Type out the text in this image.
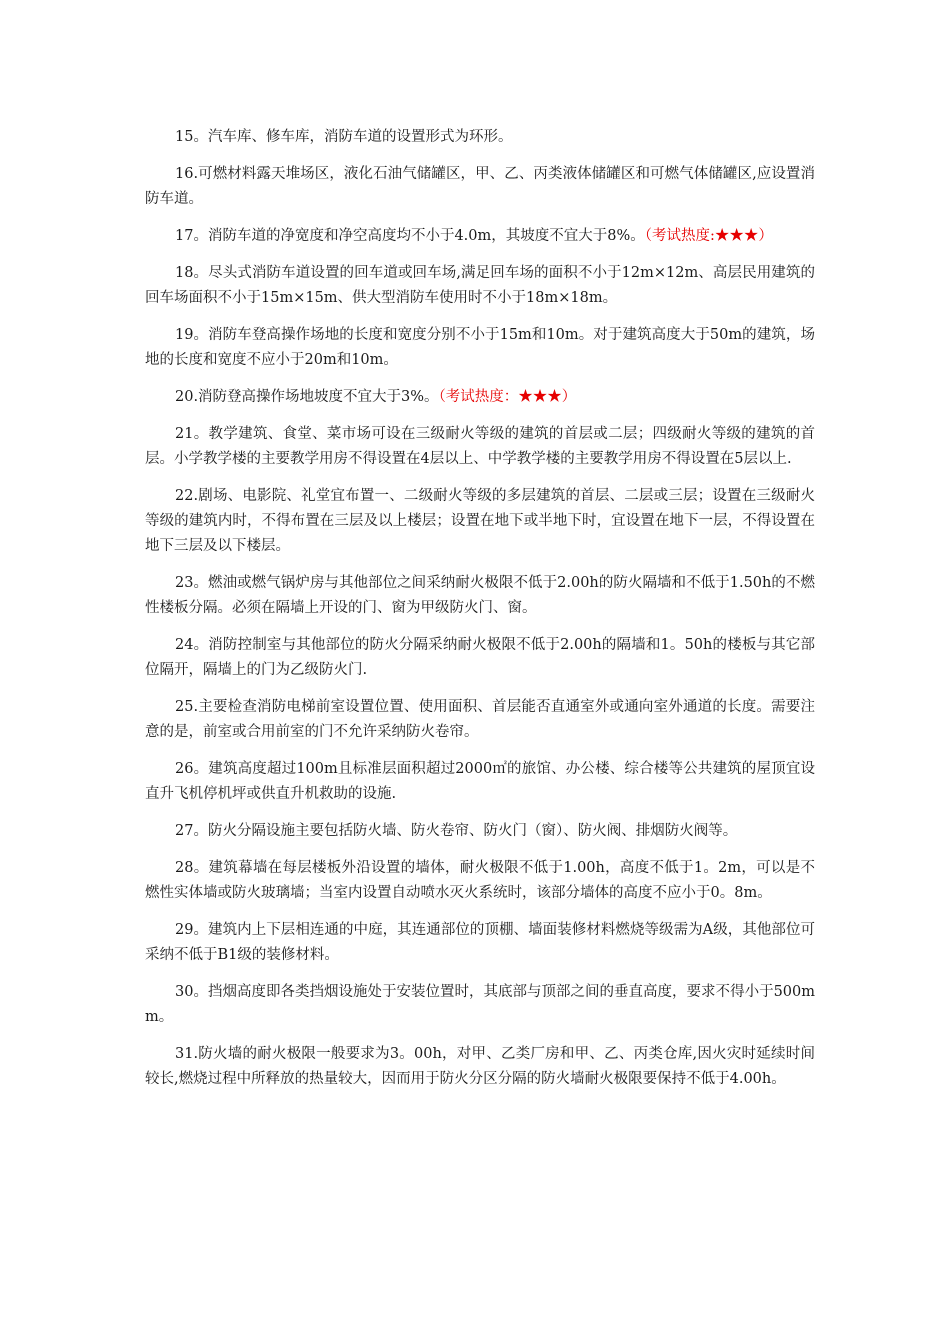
15。汽车库、修车库，消防车道的设置形式为环形。

16.可燃材料露天堆场区，液化石油气储罐区，甲、乙、丙类液体储罐区和可燃气体储罐区,应设置消防车道。

17。消防车道的净宽度和净空高度均不小于4.0m，其坡度不宜大于8%。（考试热度:★★★）

18。尽头式消防车道设置的回车道或回车场,满足回车场的面积不小于12m×12m、高层民用建筑的回车场面积不小于15m×15m、供大型消防车使用时不小于18m×18m。

19。消防车登高操作场地的长度和宽度分别不小于15m和10m。对于建筑高度大于50m的建筑，场地的长度和宽度不应小于20m和10m。

20.消防登高操作场地坡度不宜大于3%。（考试热度：★★★）

21。教学建筑、食堂、菜市场可设在三级耐火等级的建筑的首层或二层；四级耐火等级的建筑的首层。小学教学楼的主要教学用房不得设置在4层以上、中学教学楼的主要教学用房不得设置在5层以上.

22.剧场、电影院、礼堂宜布置一、二级耐火等级的多层建筑的首层、二层或三层；设置在三级耐火等级的建筑内时，不得布置在三层及以上楼层；设置在地下或半地下时，宜设置在地下一层，不得设置在地下三层及以下楼层。

23。燃油或燃气锅炉房与其他部位之间采纳耐火极限不低于2.00h的防火隔墙和不低于1.50h的不燃性楼板分隔。必须在隔墙上开设的门、窗为甲级防火门、窗。

24。消防控制室与其他部位的防火分隔采纳耐火极限不低于2.00h的隔墙和1。50h的楼板与其它部位隔开，隔墙上的门为乙级防火门.

25.主要检查消防电梯前室设置位置、使用面积、首层能否直通室外或通向室外通道的长度。需要注意的是，前室或合用前室的门不允许采纳防火卷帘。

26。建筑高度超过100m且标准层面积超过2000㎡的旅馆、办公楼、综合楼等公共建筑的屋顶宜设直升飞机停机坪或供直升机救助的设施.

27。防火分隔设施主要包括防火墙、防火卷帘、防火门（窗）、防火阀、排烟防火阀等。

28。建筑幕墙在每层楼板外沿设置的墙体，耐火极限不低于1.00h，高度不低于1。2m，可以是不燃性实体墙或防火玻璃墙；当室内设置自动喷水灭火系统时，该部分墙体的高度不应小于0。8m。

29。建筑内上下层相连通的中庭，其连通部位的顶棚、墙面装修材料燃烧等级需为A级，其他部位可采纳不低于B1级的装修材料。

30。挡烟高度即各类挡烟设施处于安装位置时，其底部与顶部之间的垂直高度，要求不得小于500mm。

31.防火墙的耐火极限一般要求为3。00h，对甲、乙类厂房和甲、乙、丙类仓库,因火灾时延续时间较长,燃烧过程中所释放的热量较大，因而用于防火分区分隔的防火墙耐火极限要保持不低于4.00h。
